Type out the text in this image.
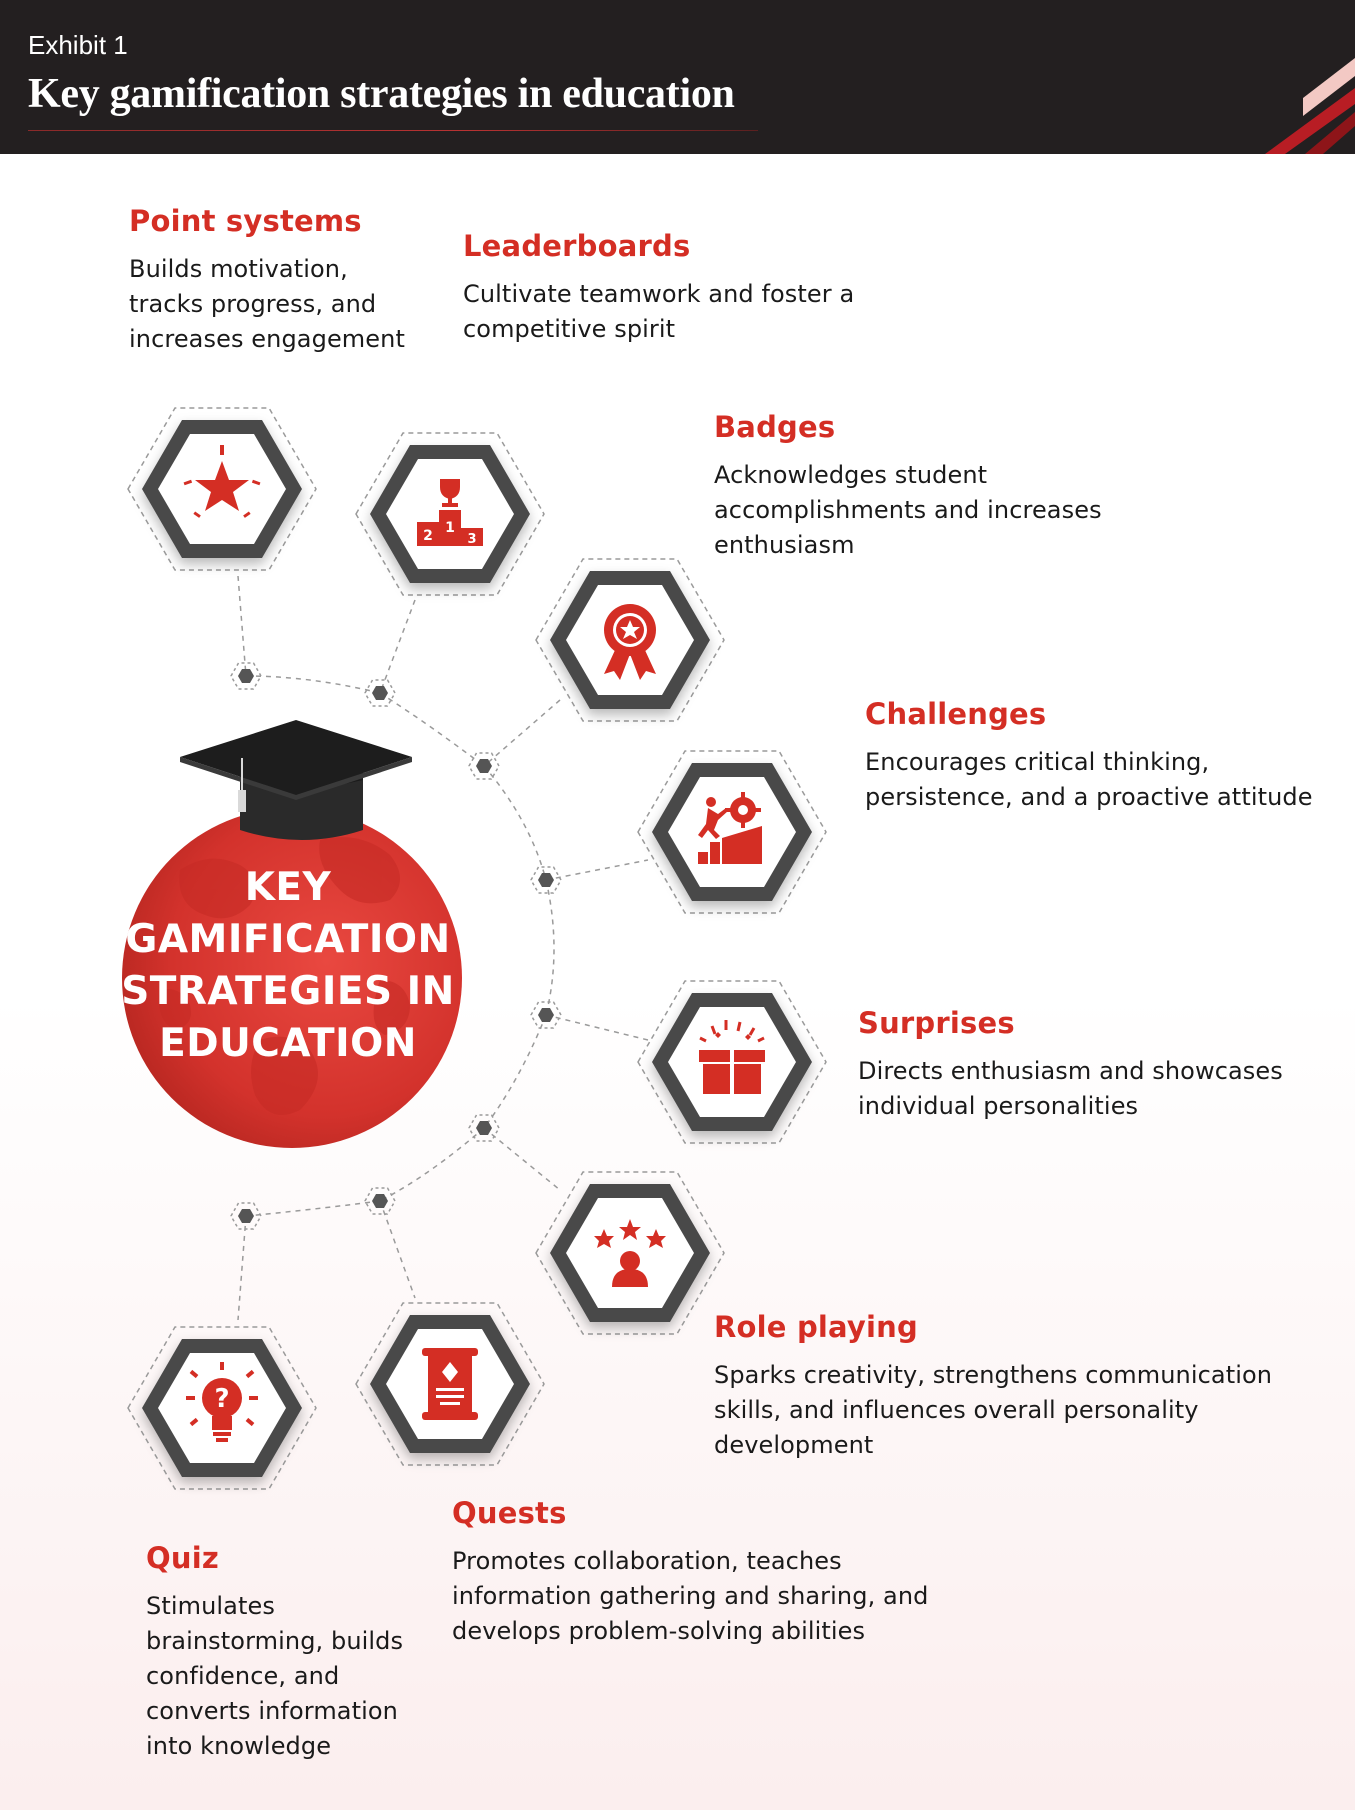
Exhibit 1
Key gamification strategies in education
1
2	3
?
KEY
GAMIFICATION
STRATEGIES IN
EDUCATION
Point systems

Builds motivation,
tracks progress, and
increases engagement

Leaderboards

Cultivate teamwork and foster a
competitive spirit

Badges

Acknowledges student
accomplishments and increases
enthusiasm

Challenges

Encourages critical thinking,
persistence, and a proactive attitude

Surprises

Directs enthusiasm and showcases
individual personalities

Role playing

Sparks creativity, strengthens communication
skills, and influences overall personality
development

Quests

Promotes collaboration, teaches
information gathering and sharing, and
develops problem-solving abilities

Quiz

Stimulates
brainstorming, builds
confidence, and
converts information
into knowledge
